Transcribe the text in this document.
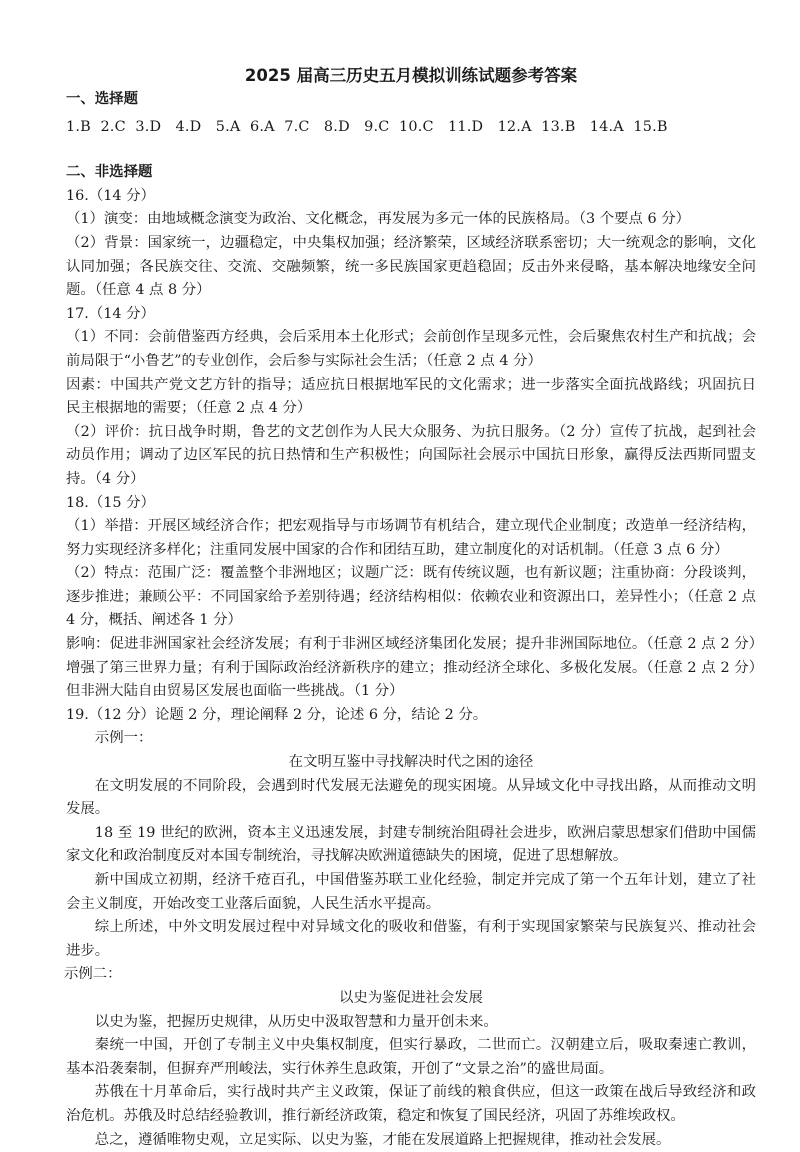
2025 届高三历史五月模拟训练试题参考答案

一、选择题

1.B  2.C  3.D   4.D   5.A  6.A  7.C   8.D   9.C  10.C   11.D   12.A  13.B   14.A  15.B

二、非选择题

16.（14 分）

（1）演变：由地域概念演变为政治、文化概念，再发展为多元一体的民族格局。（3 个要点 6 分）

（2）背景：国家统一，边疆稳定，中央集权加强；经济繁荣，区域经济联系密切；大一统观念的影响，文化认同加强；各民族交往、交流、交融频繁，统一多民族国家更趋稳固；反击外来侵略，基本解决地缘安全问题。（任意 4 点 8 分）

17.（14 分）

（1）不同：会前借鉴西方经典，会后采用本土化形式；会前创作呈现多元性，会后聚焦农村生产和抗战；会前局限于“小鲁艺”的专业创作，会后参与实际社会生活；（任意 2 点 4 分）

因素：中国共产党文艺方针的指导；适应抗日根据地军民的文化需求；进一步落实全面抗战路线；巩固抗日民主根据地的需要；（任意 2 点 4 分）

（2）评价：抗日战争时期，鲁艺的文艺创作为人民大众服务、为抗日服务。（2 分）宣传了抗战，起到社会动员作用；调动了边区军民的抗日热情和生产积极性；向国际社会展示中国抗日形象，赢得反法西斯同盟支持。（4 分）

18.（15 分）

（1）举措：开展区域经济合作；把宏观指导与市场调节有机结合，建立现代企业制度；改造单一经济结构，努力实现经济多样化；注重同发展中国家的合作和团结互助，建立制度化的对话机制。（任意 3 点 6 分）

（2）特点：范围广泛：覆盖整个非洲地区；议题广泛：既有传统议题，也有新议题；注重协商：分段谈判，逐步推进；兼顾公平：不同国家给予差别待遇；经济结构相似：依赖农业和资源出口，差异性小；（任意 2 点 4 分，概括、阐述各 1 分）

影响：促进非洲国家社会经济发展；有利于非洲区域经济集团化发展；提升非洲国际地位。（任意 2 点 2 分）增强了第三世界力量；有利于国际政治经济新秩序的建立；推动经济全球化、多极化发展。（任意 2 点 2 分）但非洲大陆自由贸易区发展也面临一些挑战。（1 分）

19.（12 分）论题 2 分，理论阐释 2 分，论述 6 分，结论 2 分。

示例一：

在文明互鉴中寻找解决时代之困的途径

在文明发展的不同阶段，会遇到时代发展无法避免的现实困境。从异域文化中寻找出路，从而推动文明发展。

18 至 19 世纪的欧洲，资本主义迅速发展，封建专制统治阻碍社会进步，欧洲启蒙思想家们借助中国儒家文化和政治制度反对本国专制统治，寻找解决欧洲道德缺失的困境，促进了思想解放。

新中国成立初期，经济千疮百孔，中国借鉴苏联工业化经验，制定并完成了第一个五年计划，建立了社会主义制度，开始改变工业落后面貌，人民生活水平提高。

综上所述，中外文明发展过程中对异域文化的吸收和借鉴，有利于实现国家繁荣与民族复兴、推动社会进步。

示例二：

以史为鉴促进社会发展

以史为鉴，把握历史规律，从历史中汲取智慧和力量开创未来。

秦统一中国，开创了专制主义中央集权制度，但实行暴政，二世而亡。汉朝建立后，吸取秦速亡教训，基本沿袭秦制，但摒弃严刑峻法，实行休养生息政策，开创了“文景之治”的盛世局面。

苏俄在十月革命后，实行战时共产主义政策，保证了前线的粮食供应，但这一政策在战后导致经济和政治危机。苏俄及时总结经验教训，推行新经济政策，稳定和恢复了国民经济，巩固了苏维埃政权。

总之，遵循唯物史观，立足实际、以史为鉴，才能在发展道路上把握规律，推动社会发展。
